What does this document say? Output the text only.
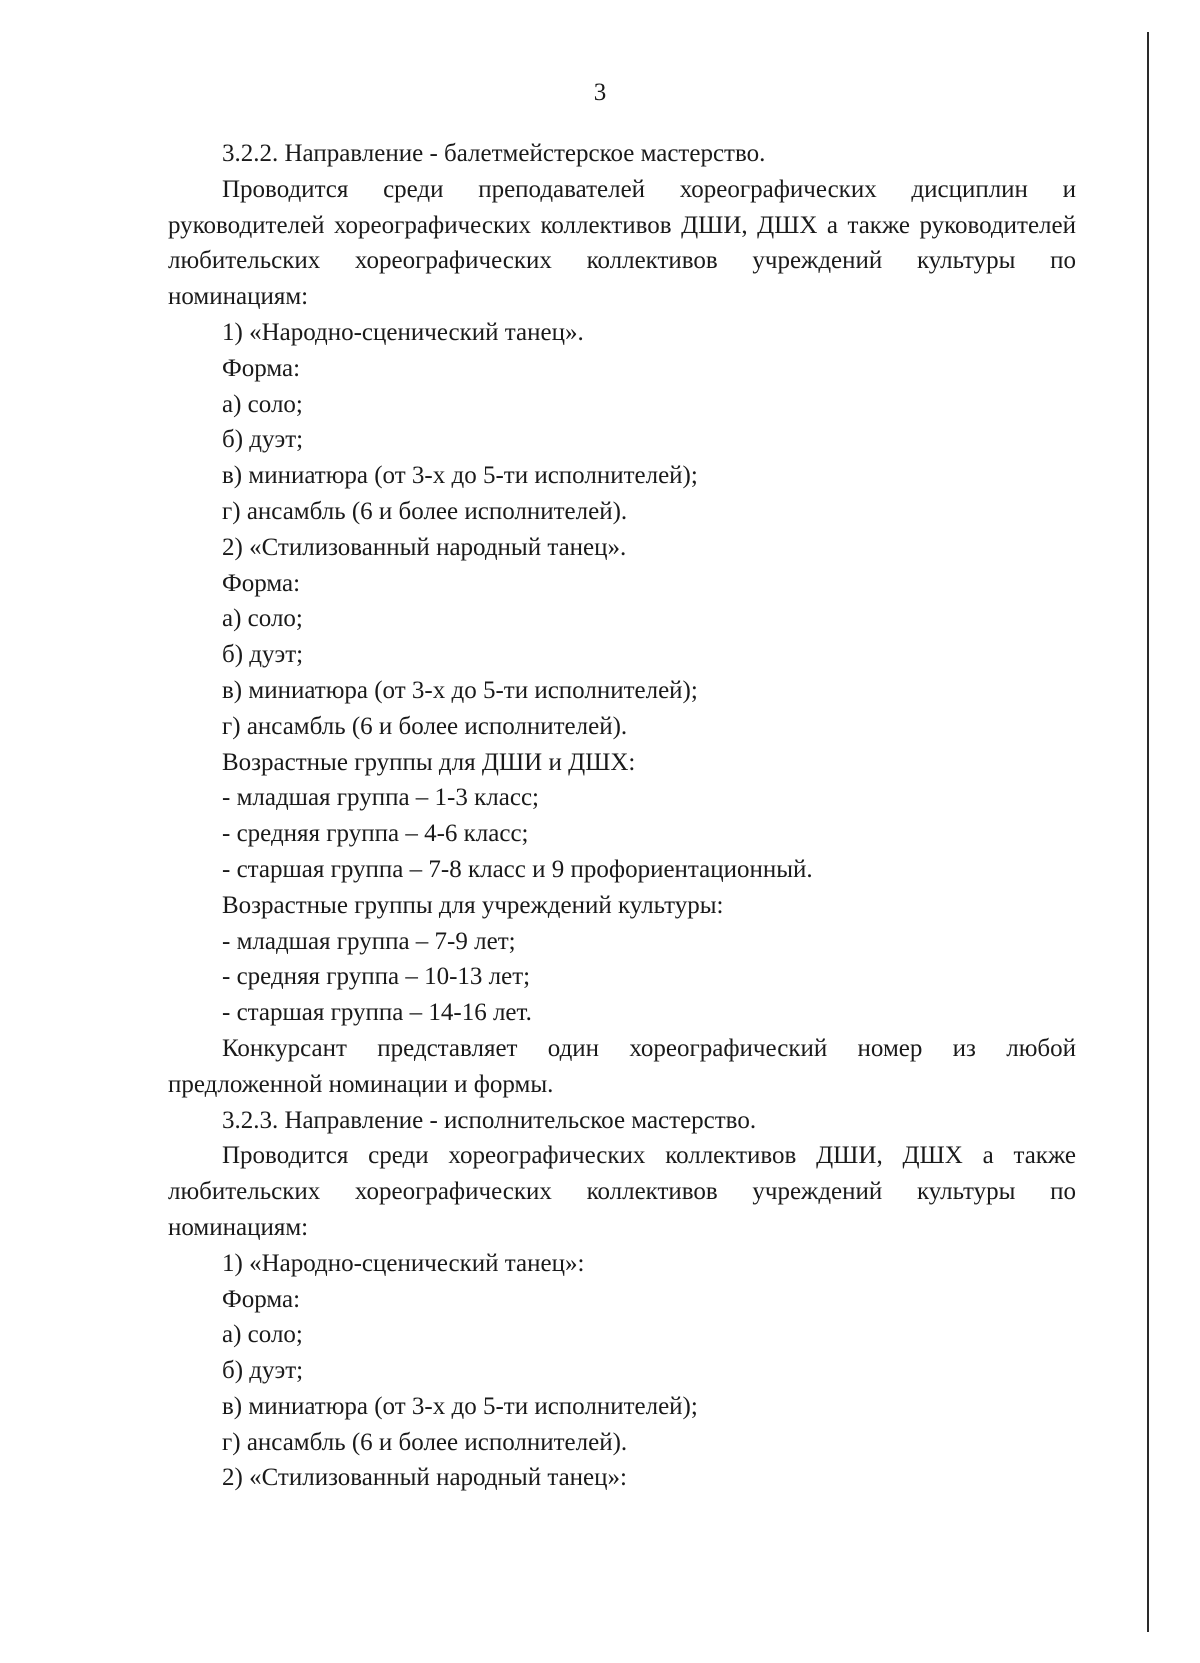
3

3.2.2. Направление - балетмейстерское мастерство.

Проводится среди преподавателей хореографических дисциплин и руководителей хореографических коллективов ДШИ, ДШХ а также руководителей любительских хореографических коллективов учреждений культуры по номинациям:

1) «Народно-сценический танец».

Форма:

а) соло;

б) дуэт;

в) миниатюра (от 3-х до 5-ти исполнителей);

г) ансамбль (6 и более исполнителей).

2) «Стилизованный народный танец».

Форма:

а) соло;

б) дуэт;

в) миниатюра (от 3-х до 5-ти исполнителей);

г) ансамбль (6 и более исполнителей).

Возрастные группы для ДШИ и ДШХ:

- младшая группа – 1-3 класс;

- средняя группа – 4-6 класс;

- старшая группа – 7-8 класс и 9 профориентационный.

Возрастные группы для учреждений культуры:

- младшая группа – 7-9 лет;

- средняя группа – 10-13 лет;

- старшая группа – 14-16 лет.

Конкурсант представляет один хореографический номер из любой предложенной номинации и формы.

3.2.3. Направление - исполнительское мастерство.

Проводится среди хореографических коллективов ДШИ, ДШХ а также любительских хореографических коллективов учреждений культуры по номинациям:

1) «Народно-сценический танец»:

Форма:

а) соло;

б) дуэт;

в) миниатюра (от 3-х до 5-ти исполнителей);

г) ансамбль (6 и более исполнителей).

2) «Стилизованный народный танец»:
